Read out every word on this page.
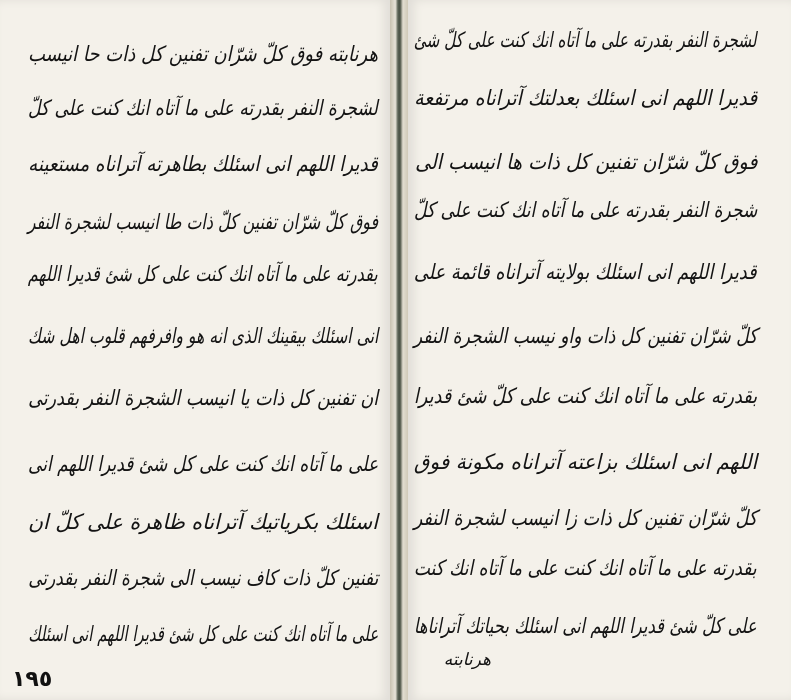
هرنابته فوق كلّ شرّان تفنين كل ذات حا انيسب
لشجرة النفر بقدرته على ما آتاه انك كنت على كلّ
قديرا اللهم انى اسئلك بطاهرته آتراناه مستعينه
فوق كلّ شرّان تفنين كلّ ذات طا انيسب لشجرة النفر
بقدرته على ما آتاه انك كنت على كل شئ قديرا اللهم
انى اسئلك بيقينك الذى انه هو وافرفهم قلوب اهل شك
ان تفنين كل ذات يا انيسب الشجرة النفر بقدرتى
على ما آتاه انك كنت على كل شئ قديرا اللهم انى
اسئلك بكرياتيك آتراناه ظاهرة على كلّ ان
تفنين كلّ ذات كاف نيسب الى شجرة النفر بقدرتى
على ما آتاه انك كنت على كل شئ قديرا اللهم انى اسئلك
١٩٥
لشجرة النفر بقدرته على ما آتاه انك كنت على كلّ شئ
قديرا اللهم انى اسئلك بعدلتك آتراناه مرتفعة
فوق كلّ شرّان تفنين كل ذات ها انيسب الى
شجرة النفر بقدرته على ما آتاه انك كنت على كلّ
قديرا اللهم انى اسئلك بولايته آتراناه قائمة على
كلّ شرّان تفنين كل ذات واو نيسب الشجرة النفر
بقدرته على ما آتاه انك كنت على كلّ شئ قديرا
اللهم انى اسئلك بزاعته آتراناه مكونة فوق
كلّ شرّان تفنين كل ذات زا انيسب لشجرة النفر
بقدرته على ما آتاه انك كنت على ما آتاه انك كنت
على كلّ شئ قديرا اللهم انى اسئلك بحياتك آتراناها
هرنابته
